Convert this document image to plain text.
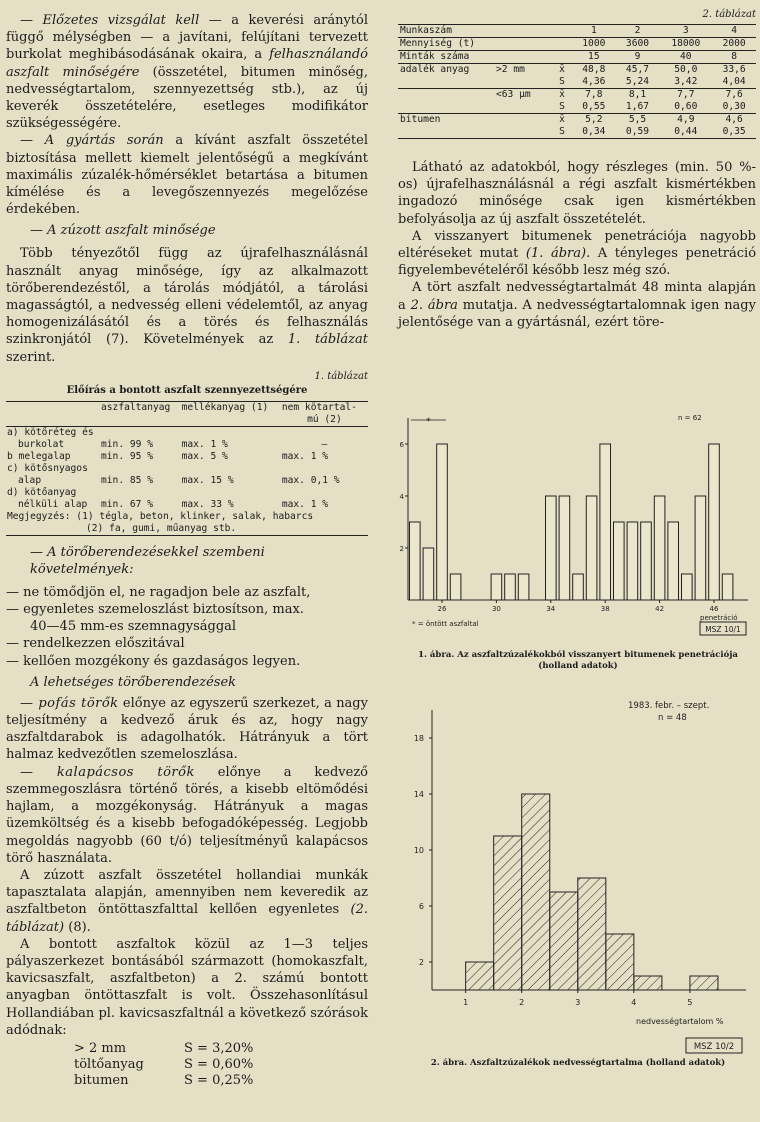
— Előzetes vizsgálat kell — a keverési aránytól függő mélységben — a javítani, felújítani tervezett burkolat meghibásodásának okaira, a felhasználandó aszfalt minőségére (összetétel, bitumen minőség, nedvességtartalom, szennyezettség stb.), az új keverék összetételére, esetleges modifikátor szükségességére.

— A gyártás során a kívánt aszfalt összetétel biztosítása mellett kiemelt jelentőségű a megkívánt maximális zúzalék-hőmérséklet betartása a bitumen kímélése és a levegőszennyezés megelőzése érdekében.

— A zúzott aszfalt minősége

Több tényezőtől függ az újrafelhasználásnál használt anyag minősége, így az alkalmazott törőberendezéstől, a tárolás módjától, a tárolási magasságtól, a nedvesség elleni védelemtől, az anyag homogenizálásától és a törés és felhasználás szinkronjától (7). Követelmények az 1. táblázat szerint.

1. táblázat
Előírás a bontott aszfalt szennyezettségére
	aszfaltanyag	mellékanyag (1)	nem kötartal-
			mú (2)
a) kötőréteg és			
burkolat	min. 99 %	max. 1 %	—
b melegalap	min. 95 %	max. 5 %	max. 1 %
c) kötősnyagos			
alap	min. 85 %	max. 15 %	max. 0,1 %
d) kötőanyag			
nélküli alap	min. 67 %	max. 33 %	max. 1 %
Megjegyzés: (1) tégla, beton, klinker, salak, habarcs			
(2) fa, gumi, műanyag stb.			
— A törőberendezésekkel szembeni követelmények:
— ne tömődjön el, ne ragadjon bele az aszfalt,
— egyenletes szemeloszlást biztosítson, max.
40—45 mm-es szemnagysággal
— rendelkezzen előszitával
— kellően mozgékony és gazdaságos legyen.
A lehetséges törőberendezések

— pofás törők előnye az egyszerű szerkezet, a nagy teljesítmény a kedvező áruk és az, hogy nagy aszfaltdarabok is adagolhatók. Hátrányuk a tört halmaz kedvezőtlen szemeloszlása.

— kalapácsos törők előnye a kedvező szemmegoszlásra történő törés, a kisebb eltömődési hajlam, a mozgékonyság. Hátrányuk a magas üzemköltség és a kisebb befogadóképesség. Legjobb megoldás nagyobb (60 t/ó) teljesítményű kalapácsos törő használata.

A zúzott aszfalt összetétel hollandiai munkák tapasztalata alapján, amennyiben nem keveredik az aszfaltbeton öntöttaszfalttal kellően egyenletes (2. táblázat) (8).

A bontott aszfaltok közül az 1—3 teljes pályaszerkezet bontásából származott (homokaszfalt, kavicsaszfalt, aszfaltbeton) a 2. számú bontott anyagban öntöttaszfalt is volt. Összehasonlításul Hollandiában pl. kavicsaszfaltnál a következő szórások adódnak:

> 2 mm	S = 3,20%
töltőanyag	S = 0,60%
bitumen	S = 0,25%
2. táblázat
Munkaszám			1	2	3	4
Mennyiség (t)			1000	3600	18000	2000
Minták száma			15	9	40	8
adalék anyag	>2 mm	x̄	48,8	45,7	50,0	33,6
		S	4,36	5,24	3,42	4,04
	<63 μm	x̄	7,8	8,1	7,7	7,6
		S	0,55	1,67	0,60	0,30
bitumen		x̄	5,2	5,5	4,9	4,6
		S	0,34	0,59	0,44	0,35

Látható az adatokból, hogy részleges (min. 50 %-os) újrafelhasználásnál a régi aszfalt kismértékben ingadozó minősége csak igen kismértékben befolyásolja az új aszfalt összetételét.

A visszanyert bitumenek penetrációja nagyobb eltéréseket mutat (1. ábra). A tényleges penetráció figyelembevételéről később lesz még szó.

A tört aszfalt nedvességtartalmát 48 minta alapján a 2. ábra mutatja. A nedvességtartalomnak igen nagy jelentősége van a gyártásnál, ezért töre-

2
4
6
26	30	34	38	42	46
*	n = 62
penetráció
* = öntött aszfaltal
MSZ 10/1
1. ábra. Az aszfaltzúzalékokból visszanyert bitumenek penetrációja (holland adatok)
2
6
10
14
18
1	2	3	4	5
1983. febr. – szept.
n = 48
nedvességtartalom %
MSZ 10/2
2. ábra. Aszfaltzúzalékok nedvességtartalma (holland adatok)
